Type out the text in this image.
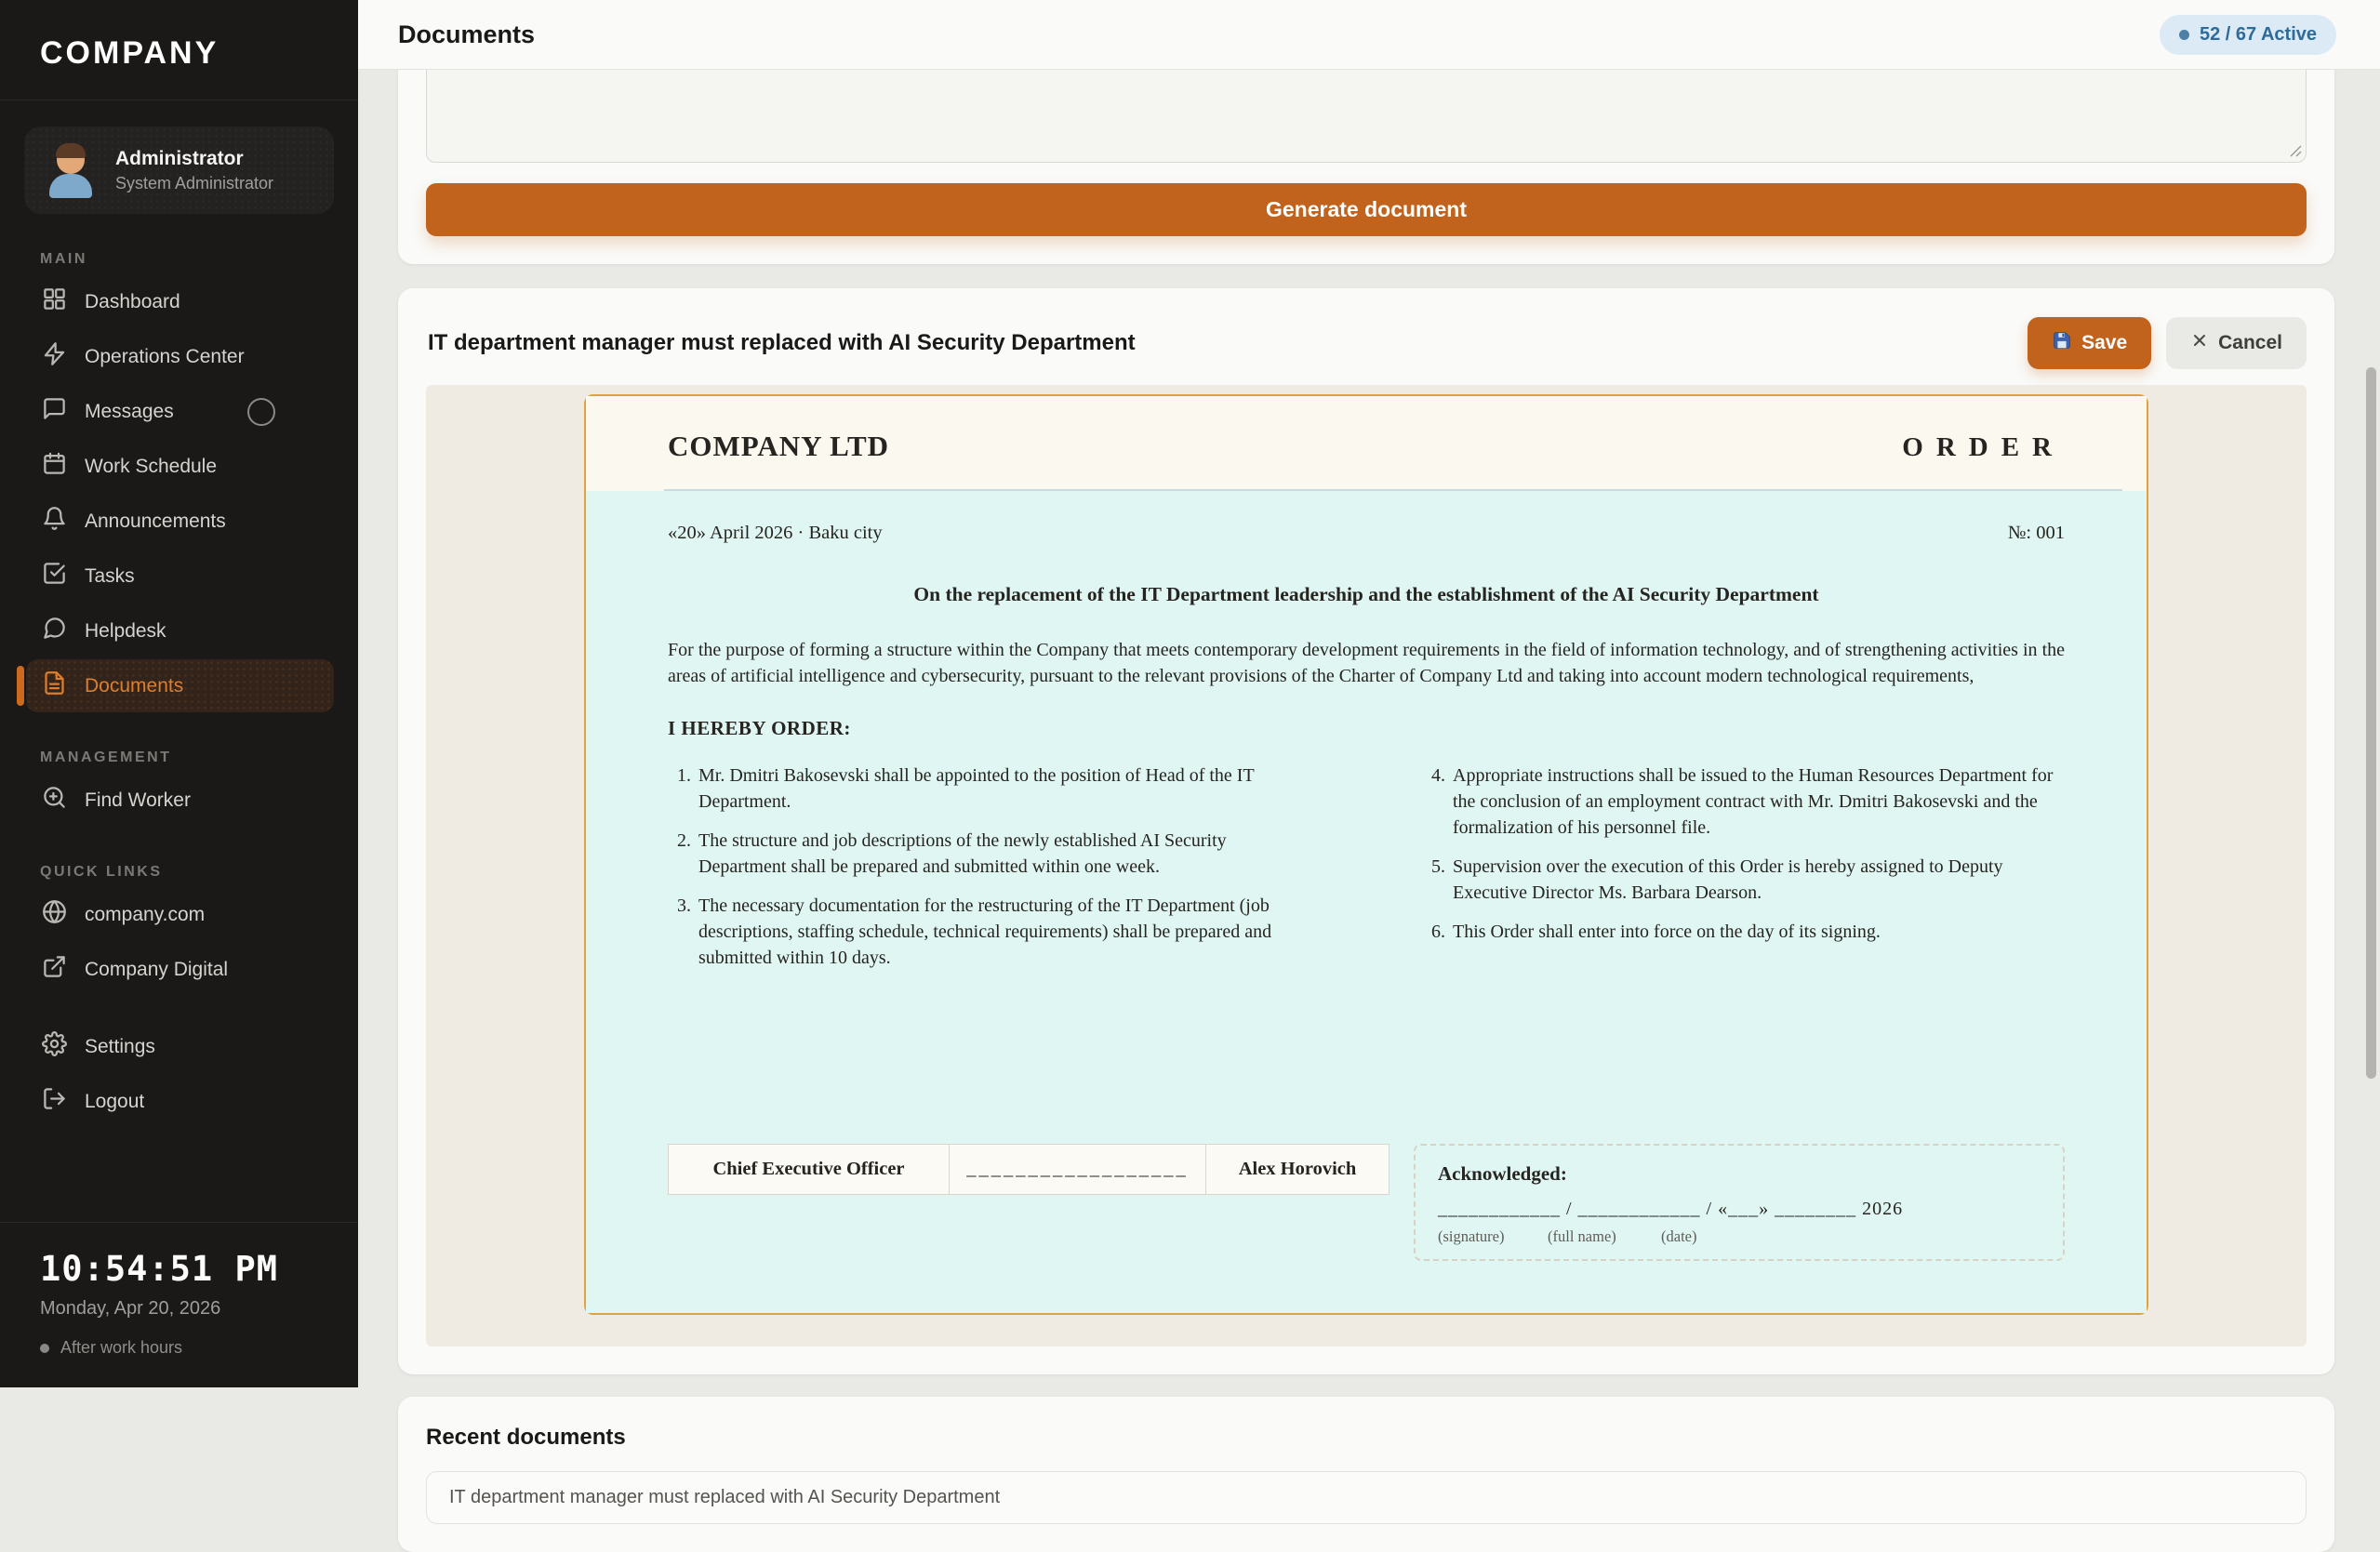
COMPANY
Administrator
System Administrator
MAIN
Dashboard
Operations Center
Messages
Work Schedule
Announcements
Tasks
Helpdesk
Documents
MANAGEMENT
Find Worker
QUICK LINKS
company.com
Company Digital
Settings
Logout
10:54:51 PM
Monday, Apr 20, 2026
After work hours
Documents	52 / 67 Active
Generate document
IT department manager must replaced with AI Security Department	Save	Cancel
COMPANY LTD	ORDER
«20» April 2026 · Baku city	№: 001
On the replacement of the IT Department leadership and the establishment of the AI Security Department

For the purpose of forming a structure within the Company that meets contemporary development requirements in the field of information technology, and of strengthening activities in the areas of artificial intelligence and cybersecurity, pursuant to the relevant provisions of the Charter of Company Ltd and taking into account modern technological requirements,

I HEREBY ORDER:
1. Mr. Dmitri Bakosevski shall be appointed to the position of Head of the IT Department.
2. The structure and job descriptions of the newly established AI Security Department shall be prepared and submitted within one week.
3. The necessary documentation for the restructuring of the IT Department (job descriptions, staffing schedule, technical requirements) shall be prepared and submitted within 10 days.
4. Appropriate instructions shall be issued to the Human Resources Department for the conclusion of an employment contract with Mr. Dmitri Bakosevski and the formalization of his personnel file.
5. Supervision over the execution of this Order is hereby assigned to Deputy Executive Director Ms. Barbara Dearson.
6. This Order shall enter into force on the day of its signing.
Chief Executive Officer	__________________	Alex Horovich	Acknowledged:
____________ / ____________ / «___» ________ 2026
(signature)	(full name)	(date)
Recent documents
IT department manager must replaced with AI Security Department
